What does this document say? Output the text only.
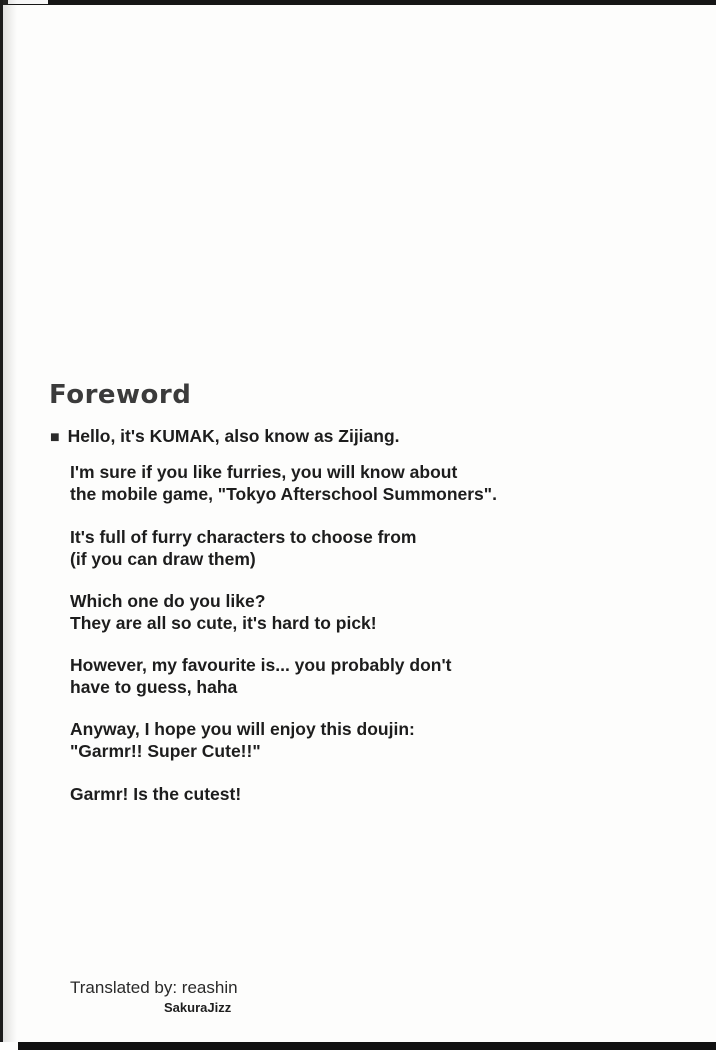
Foreword
■ Hello, it's KUMAK, also know as Zijiang.
I'm sure if you like furries, you will know about
the mobile game, "Tokyo Afterschool Summoners".
It's full of furry characters to choose from
(if you can draw them)
Which one do you like?
They are all so cute, it's hard to pick!
However, my favourite is... you probably don't
have to guess, haha
Anyway, I hope you will enjoy this doujin:
"Garmr!! Super Cute!!"
Garmr! Is the cutest!
Translated by: reashin
SakuraJizz
